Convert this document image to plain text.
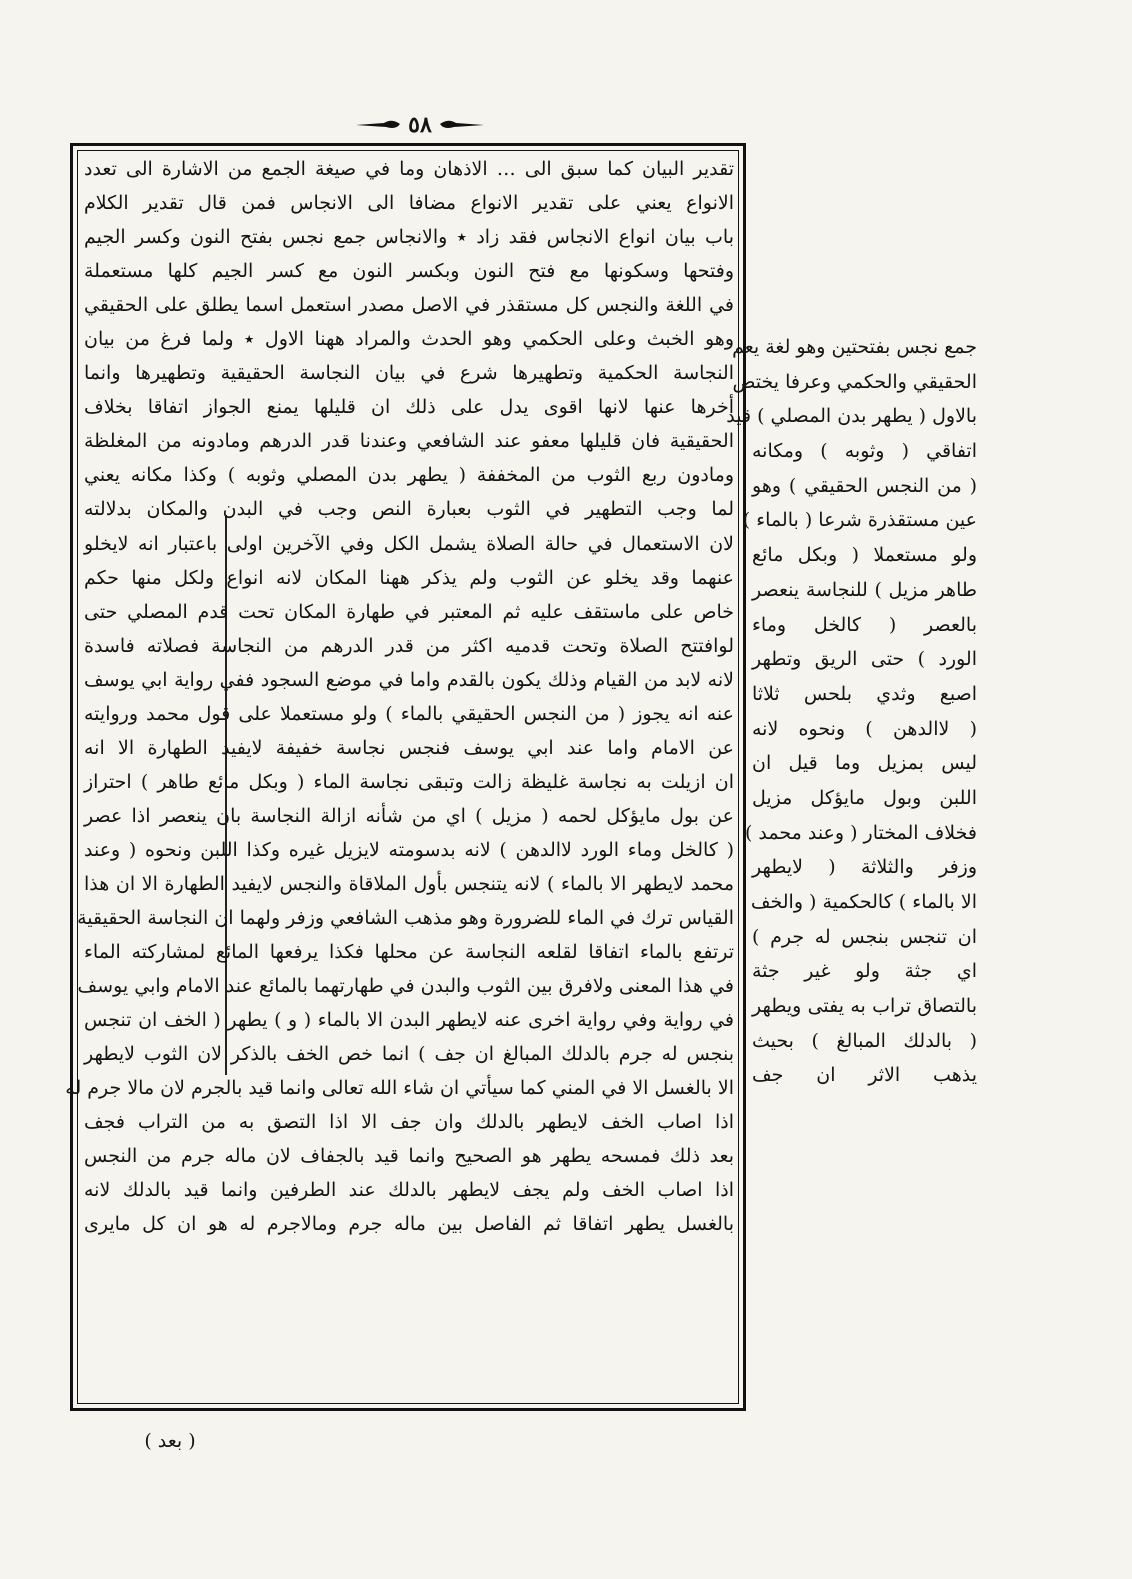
٥٨
تقدير البيان كما سبق الى … الاذهان وما في صيغة الجمع من الاشارة الى تعدد
الانواع يعني على تقدير الانواع مضافا الى الانجاس فمن قال تقدير الكلام
باب بيان انواع الانجاس فقد زاد ٭ والانجاس جمع نجس بفتح النون وكسر الجيم
وفتحها وسكونها مع فتح النون وبكسر النون مع كسر الجيم كلها مستعملة
في اللغة والنجس كل مستقذر في الاصل مصدر استعمل اسما يطلق على الحقيقي
وهو الخبث وعلى الحكمي وهو الحدث والمراد ههنا الاول ٭ ولما فرغ من بيان
النجاسة الحكمية وتطهيرها شرع في بيان النجاسة الحقيقية وتطهيرها وانما
أخرها عنها لانها اقوى يدل على ذلك ان قليلها يمنع الجواز اتفاقا بخلاف
الحقيقية فان قليلها معفو عند الشافعي وعندنا قدر الدرهم ومادونه من المغلظة
ومادون ربع الثوب من المخففة ( يطهر بدن المصلي وثوبه ) وكذا مكانه يعني
لما وجب التطهير في الثوب بعبارة النص وجب في البدن والمكان بدلالته
لان الاستعمال في حالة الصلاة يشمل الكل وفي الآخرين اولى باعتبار انه لايخلو
عنهما وقد يخلو عن الثوب ولم يذكر ههنا المكان لانه انواع ولكل منها حكم
خاص على ماستقف عليه ثم المعتبر في طهارة المكان تحت قدم المصلي حتى
لوافتتح الصلاة وتحت قدميه اكثر من قدر الدرهم من النجاسة فصلاته فاسدة
لانه لابد من القيام وذلك يكون بالقدم واما في موضع السجود ففي رواية ابي يوسف
عنه انه يجوز ( من النجس الحقيقي بالماء ) ولو مستعملا على قول محمد وروايته
عن الامام واما عند ابي يوسف فنجس نجاسة خفيفة لايفيد الطهارة الا انه
ان ازيلت به نجاسة غليظة زالت وتبقى نجاسة الماء ( وبكل مائع طاهر ) احتراز
عن بول مايؤكل لحمه ( مزيل ) اي من شأنه ازالة النجاسة بان ينعصر اذا عصر
( كالخل وماء الورد لاالدهن ) لانه بدسومته لايزيل غيره وكذا اللبن ونحوه ( وعند
محمد لايطهر الا بالماء ) لانه يتنجس بأول الملاقاة والنجس لايفيد الطهارة الا ان هذا
القياس ترك في الماء للضرورة وهو مذهب الشافعي وزفر ولهما ان النجاسة الحقيقية
ترتفع بالماء اتفاقا لقلعه النجاسة عن محلها فكذا يرفعها المائع لمشاركته الماء
في هذا المعنى ولافرق بين الثوب والبدن في طهارتهما بالمائع عند الامام وابي يوسف
في رواية وفي رواية اخرى عنه لايطهر البدن الا بالماء ( و ) يطهر ( الخف ان تنجس
بنجس له جرم بالدلك المبالغ ان جف ) انما خص الخف بالذكر لان الثوب لايطهر
الا بالغسل الا في المني كما سيأتي ان شاء الله تعالى وانما قيد بالجرم لان مالا جرم له
اذا اصاب الخف لايطهر بالدلك وان جف الا اذا التصق به من التراب فجف
بعد ذلك فمسحه يطهر هو الصحيح وانما قيد بالجفاف لان ماله جرم من النجس
اذا اصاب الخف ولم يجف لايطهر بالدلك عند الطرفين وانما قيد بالدلك لانه
بالغسل يطهر اتفاقا ثم الفاصل بين ماله جرم ومالاجرم له هو ان كل مايرى
جمع نجس بفتحتين وهو لغة يعم
الحقيقي والحكمي وعرفا يختص
بالاول ( يطهر بدن المصلي ) قيد
اتفاقي ( وثوبه ) ومكانه
( من النجس الحقيقي ) وهو
عين مستقذرة شرعا ( بالماء )
ولو مستعملا ( وبكل مائع
طاهر مزيل ) للنجاسة ينعصر
بالعصر ( كالخل وماء
الورد ) حتى الريق وتطهر
اصبع وثدي بلحس ثلاثا
( لاالدهن ) ونحوه لانه
ليس بمزيل وما قيل ان
اللبن وبول مايؤكل مزيل
فخلاف المختار ( وعند محمد )
وزفر والثلاثة ( لايطهر
الا بالماء ) كالحكمية ( والخف
ان تنجس بنجس له جرم )
اي جثة ولو غير جثة
بالتصاق تراب به يفتى ويطهر
( بالدلك المبالغ ) بحيث
يذهب الاثر ان جف
( بعد )
